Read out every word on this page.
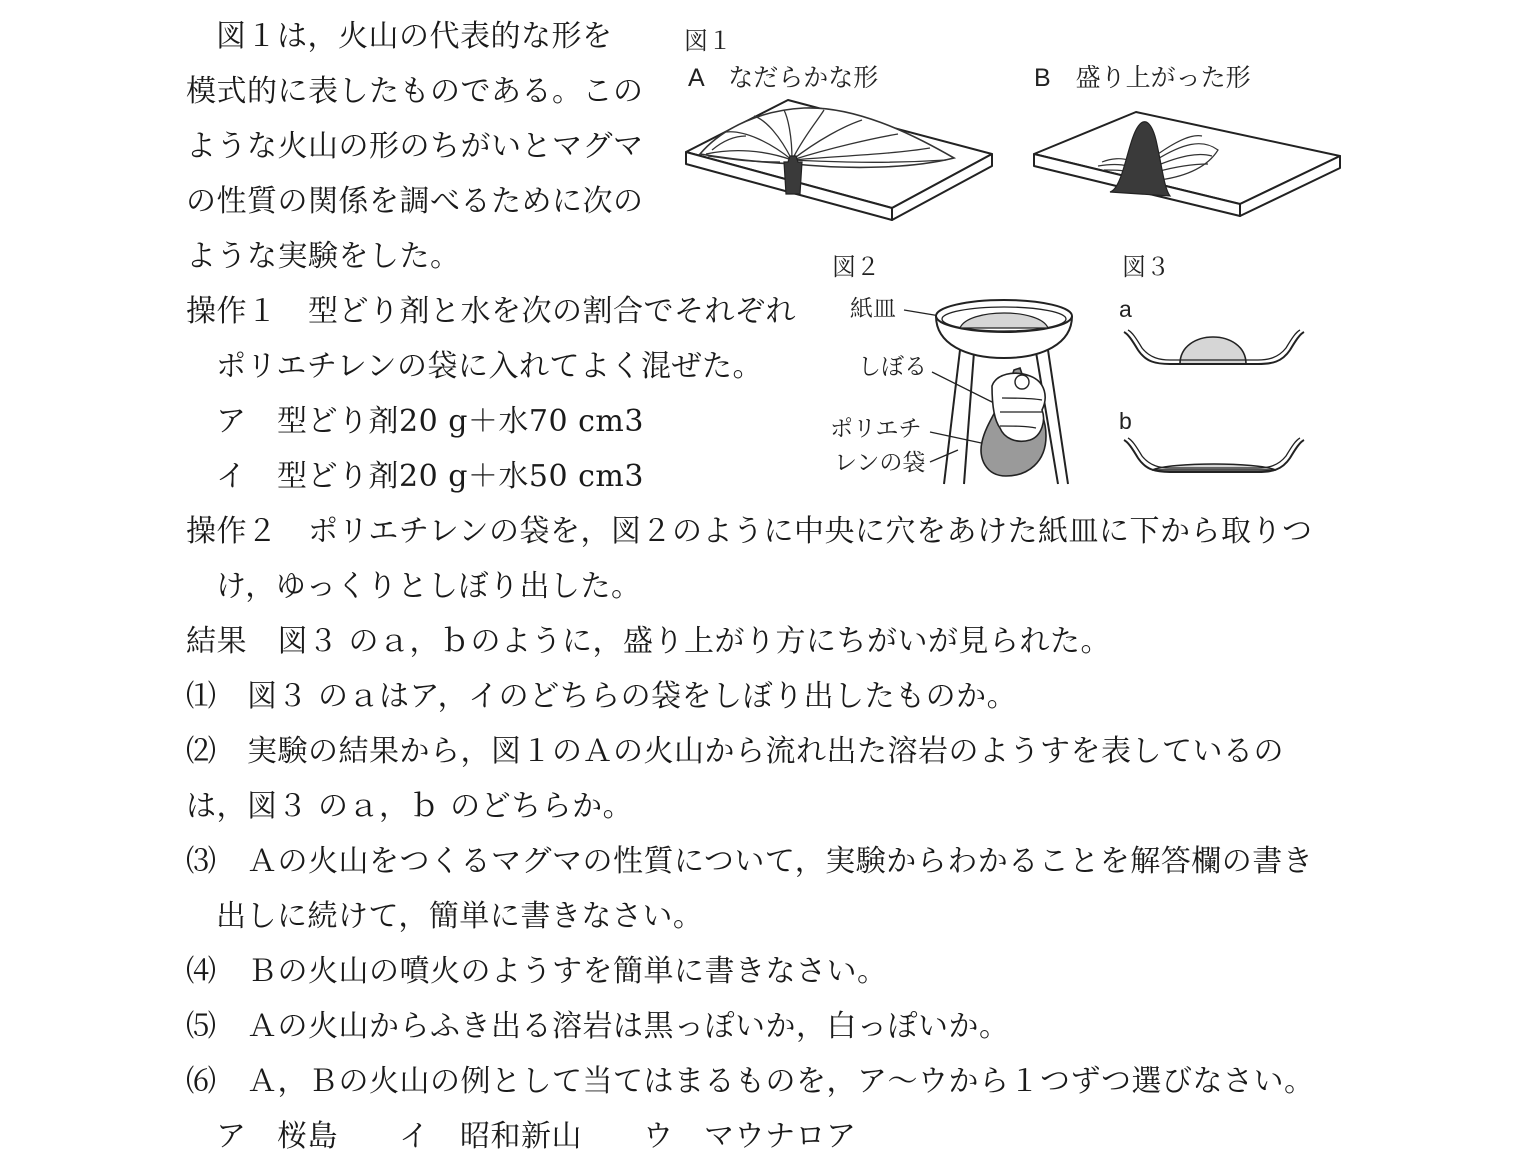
図１は，火山の代表的な形を
模式的に表したものである。この
ような火山の形のちがいとマグマ
の性質の関係を調べるために次の
ような実験をした。
操作１　型どり剤と水を次の割合でそれぞれ
ポリエチレンの袋に入れてよく混ぜた。
ア　型どり剤20 g＋水70 cm3
イ　型どり剤20 g＋水50 cm3
操作２　ポリエチレンの袋を，図２のように中央に穴をあけた紙皿に下から取りつ
け，ゆっくりとしぼり出した。
結果　図３ のａ，ｂのように，盛り上がり方にちがいが見られた。
⑴　図３ のａはア，イのどちらの袋をしぼり出したものか。
⑵　実験の結果から，図１のＡの火山から流れ出た溶岩のようすを表しているの
は，図３ のａ，ｂ のどちらか。
⑶　Ａの火山をつくるマグマの性質について，実験からわかることを解答欄の書き
出しに続けて，簡単に書きなさい。
⑷　Ｂの火山の噴火のようすを簡単に書きなさい。
⑸　Ａの火山からふき出る溶岩は黒っぽいか，白っぽいか。
⑹　Ａ，Ｂの火山の例として当てはまるものを，ア～ウから１つずつ選びなさい。
ア　桜島　　イ　昭和新山　　ウ　マウナロア
図１
A　なだらかな形	B　盛り上がった形
図２
紙皿
しぼる
ポリエチ
レンの袋
図３
a
b
